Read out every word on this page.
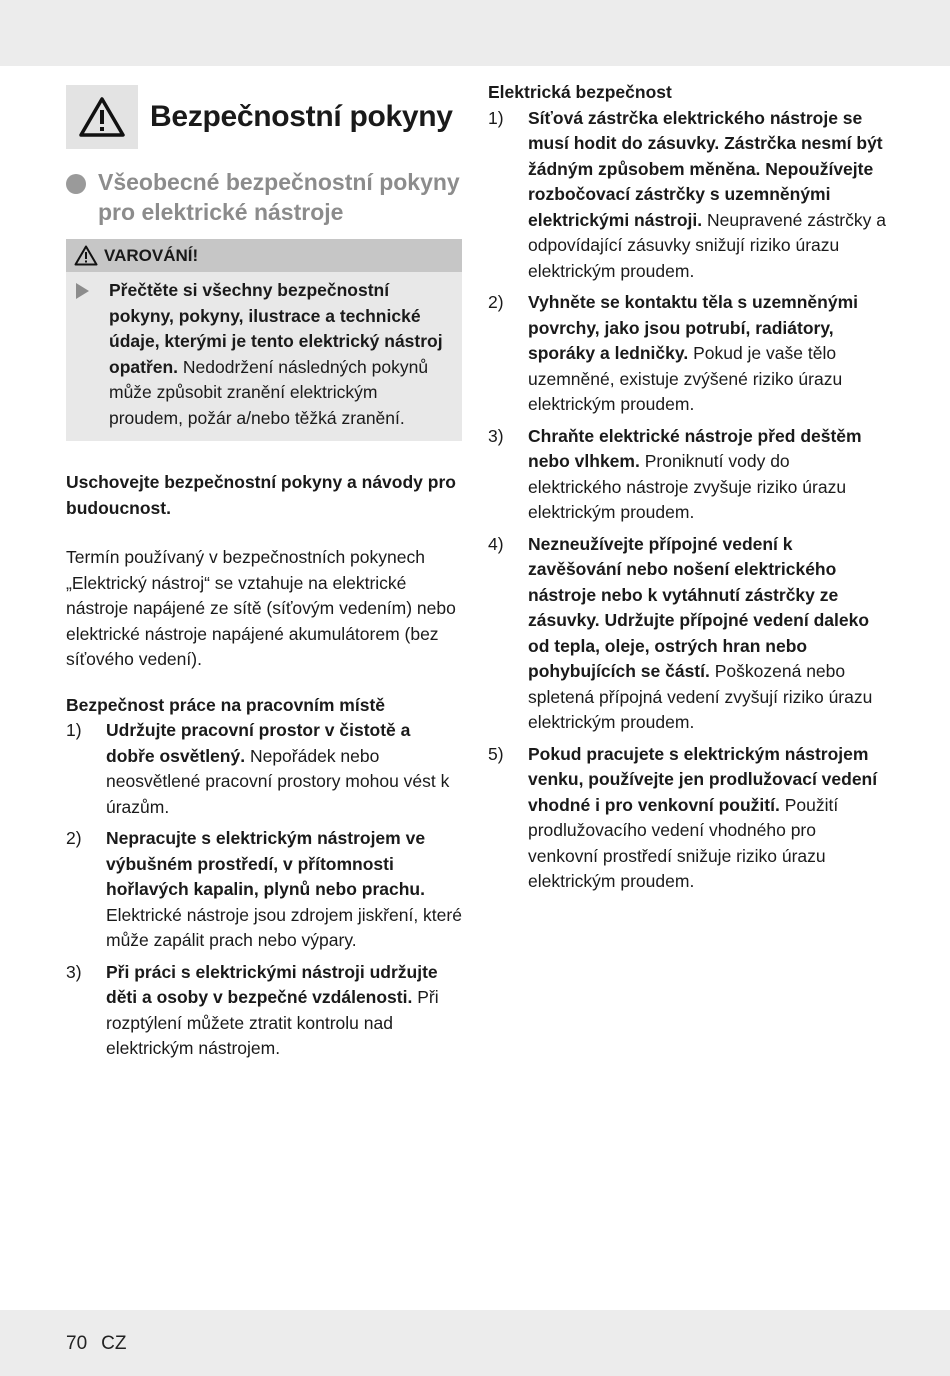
Bezpečnostní pokyny
Všeobecné bezpečnostní pokyny pro elektrické nástroje
VAROVÁNÍ!
Přečtěte si všechny bezpečnostní pokyny, pokyny, ilustrace a technické údaje, kterými je tento elektrický nástroj opatřen. Nedodržení následných pokynů může způsobit zranění elektrickým proudem, požár a/nebo těžká zranění.
Uschovejte bezpečnostní pokyny a návody pro budoucnost.
Termín používaný v bezpečnostních pokynech „Elektrický nástroj“ se vztahuje na elektrické nástroje napájené ze sítě (síťovým vedením) nebo elektrické nástroje napájené akumulátorem (bez síťového vedení).
Bezpečnost práce na pracovním místě
1)	Udržujte pracovní prostor v čistotě a dobře osvětlený. Nepořádek nebo neosvětlené pracovní prostory mohou vést k úrazům.
2)	Nepracujte s elektrickým nástrojem ve výbušném prostředí, v přítomnosti hořlavých kapalin, plynů nebo prachu. Elektrické nástroje jsou zdrojem jiskření, které může zapálit prach nebo výpary.
3)	Při práci s elektrickými nástroji udržujte děti a osoby v bezpečné vzdálenosti. Při rozptýlení můžete ztratit kontrolu nad elektrickým nástrojem.
Elektrická bezpečnost
1)	Síťová zástrčka elektrického nástroje se musí hodit do zásuvky. Zástrčka nesmí být žádným způsobem měněna. Nepoužívejte rozbočovací zástrčky s uzemněnými elektrickými nástroji. Neupravené zástrčky a odpovídající zásuvky snižují riziko úrazu elektrickým proudem.
2)	Vyhněte se kontaktu těla s uzemněnými povrchy, jako jsou potrubí, radiátory, sporáky a ledničky. Pokud je vaše tělo uzemněné, existuje zvýšené riziko úrazu elektrickým proudem.
3)	Chraňte elektrické nástroje před deštěm nebo vlhkem. Proniknutí vody do elektrického nástroje zvyšuje riziko úrazu elektrickým proudem.
4)	Nezneužívejte přípojné vedení k zavěšování nebo nošení elektrického nástroje nebo k vytáhnutí zástrčky ze zásuvky. Udržujte přípojné vedení daleko od tepla, oleje, ostrých hran nebo pohybujících se částí. Poškozená nebo spletená přípojná vedení zvyšují riziko úrazu elektrickým proudem.
5)	Pokud pracujete s elektrickým nástrojem venku, používejte jen prodlužovací vedení vhodné i pro venkovní použití. Použití prodlužovacího vedení vhodného pro venkovní prostředí snižuje riziko úrazu elektrickým proudem.
70 CZ
